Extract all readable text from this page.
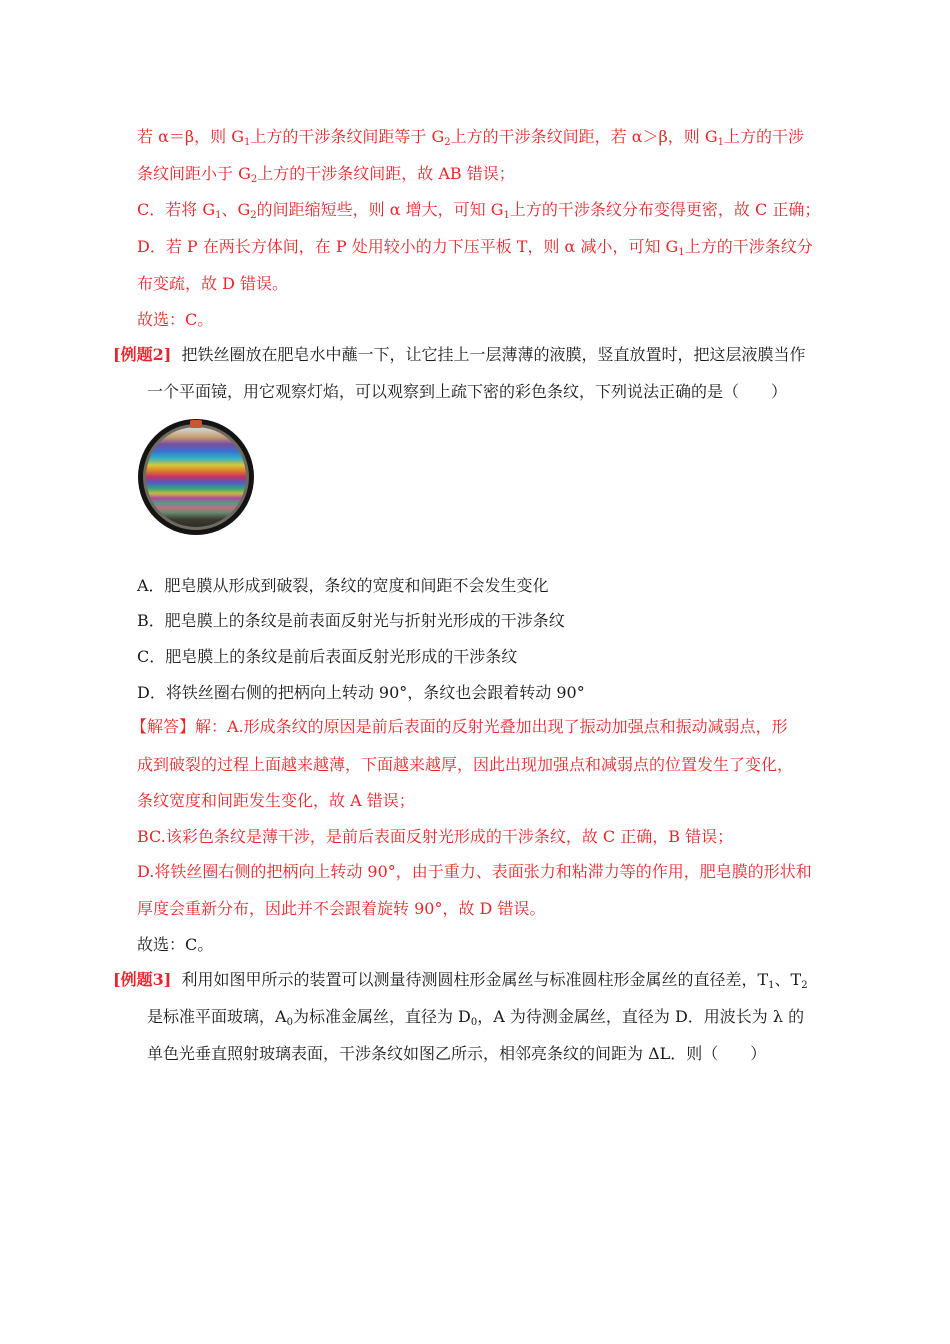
若 α＝β，则 $G_1$上方的干涉条纹间距等于 $G_2$上方的干涉条纹间距，若 α＞β，则 $G_1$上方的干涉
条纹间距小于 $G_2$上方的干涉条纹间距，故 AB 错误；
C．若将 $G_1$、$G_2$的间距缩短些，则 α 增大，可知 $G_1$上方的干涉条纹分布变得更密，故 C 正确；
D．若 P 在两长方体间，在 P 处用较小的力下压平板 T，则 α 减小，可知 $G_1$上方的干涉条纹分
布变疏，故 D 错误。
故选：C。
[例题2] 把铁丝圈放在肥皂水中蘸一下，让它挂上一层薄薄的液膜，竖直放置时，把这层液膜当作
一个平面镜，用它观察灯焰，可以观察到上疏下密的彩色条纹，下列说法正确的是（　　）
A．肥皂膜从形成到破裂，条纹的宽度和间距不会发生变化
B．肥皂膜上的条纹是前表面反射光与折射光形成的干涉条纹
C．肥皂膜上的条纹是前后表面反射光形成的干涉条纹
D．将铁丝圈右侧的把柄向上转动 90°，条纹也会跟着转动 90°
【解答】解：A.形成条纹的原因是前后表面的反射光叠加出现了振动加强点和振动减弱点，形
成到破裂的过程上面越来越薄，下面越来越厚，因此出现加强点和减弱点的位置发生了变化，
条纹宽度和间距发生变化，故 A 错误；
BC.该彩色条纹是薄干涉，是前后表面反射光形成的干涉条纹，故 C 正确，B 错误；
D.将铁丝圈右侧的把柄向上转动 90°，由于重力、表面张力和粘滞力等的作用，肥皂膜的形状和
厚度会重新分布，因此并不会跟着旋转 90°，故 D 错误。
故选：C。
[例题3] 利用如图甲所示的装置可以测量待测圆柱形金属丝与标准圆柱形金属丝的直径差，$T_1$、$T_2$
是标准平面玻璃，$A_0$为标准金属丝，直径为 $D_0$，A 为待测金属丝，直径为 D．用波长为 λ 的
单色光垂直照射玻璃表面，干涉条纹如图乙所示，相邻亮条纹的间距为 ΔL．则（　　）
